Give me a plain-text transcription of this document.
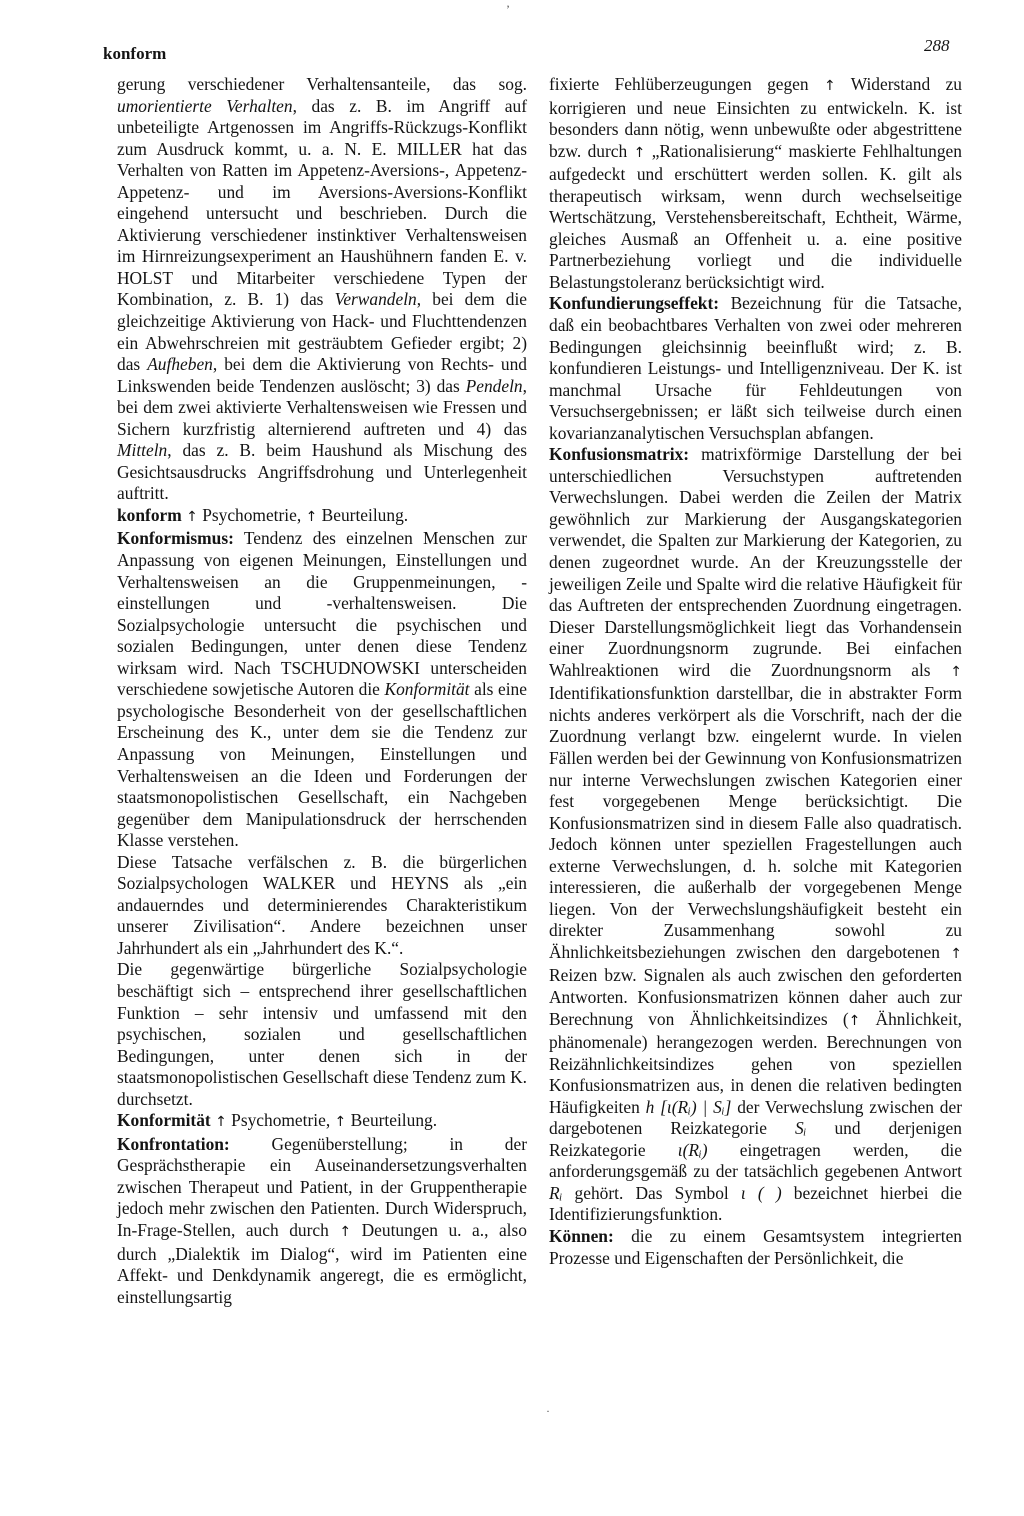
konform	288
’
·

gerung verschiedener Verhaltensanteile, das sog. umorientierte Verhalten, das z. B. im Angriff auf unbeteiligte Artgenossen im Angriffs-Rückzugs-Konflikt zum Ausdruck kommt, u. a. N. E. MILLER hat das Verhalten von Ratten im Appetenz-Aversions-, Appetenz-Appetenz- und im Aversions-Aversions-Konflikt eingehend untersucht und beschrieben. Durch die Aktivierung verschiedener instinktiver Verhaltensweisen im Hirnreizungsexperiment an Haushühnern fanden E. v. HOLST und Mitarbeiter verschiedene Typen der Kombination, z. B. 1) das Verwandeln, bei dem die gleichzeitige Aktivierung von Hack- und Fluchttendenzen ein Abwehrschreien mit gesträubtem Gefieder ergibt; 2) das Aufheben, bei dem die Aktivierung von Rechts- und Linkswenden beide Tendenzen auslöscht; 3) das Pendeln, bei dem zwei aktivierte Verhaltensweisen wie Fressen und Sichern kurzfristig alternierend auftreten und 4) das Mitteln, das z. B. beim Haushund als Mischung des Gesichtsausdrucks Angriffsdrohung und Unterlegenheit auftritt.

konform ↑ Psychometrie, ↑ Beurteilung.

Konformismus: Tendenz des einzelnen Menschen zur Anpassung von eigenen Meinungen, Einstellungen und Verhaltensweisen an die Gruppenmeinungen, -einstellungen und -verhaltensweisen. Die Sozialpsychologie untersucht die psychischen und sozialen Bedingungen, unter denen diese Tendenz wirksam wird. Nach TSCHUDNOWSKI unterscheiden verschiedene sowjetische Autoren die Konformität als eine psychologische Besonderheit von der gesellschaftlichen Erscheinung des K., unter dem sie die Tendenz zur Anpassung von Meinungen, Einstellungen und Verhaltensweisen an die Ideen und Forderungen der staatsmonopolistischen Gesellschaft, ein Nachgeben gegenüber dem Manipulationsdruck der herrschenden Klasse verstehen.

Diese Tatsache verfälschen z. B. die bürgerlichen Sozialpsychologen WALKER und HEYNS als „ein andauerndes und determinierendes Charakteristikum unserer Zivilisation“. Andere bezeichnen unser Jahrhundert als ein „Jahrhundert des K.“.

Die gegenwärtige bürgerliche Sozialpsychologie beschäftigt sich – entsprechend ihrer gesellschaftlichen Funktion – sehr intensiv und umfassend mit den psychischen, sozialen und gesellschaftlichen Bedingungen, unter denen sich in der staatsmonopolistischen Gesellschaft diese Tendenz zum K. durchsetzt.

Konformität ↑ Psychometrie, ↑ Beurteilung.

Konfrontation: Gegenüberstellung; in der Gesprächstherapie ein Auseinandersetzungsverhalten zwischen Therapeut und Patient, in der Gruppentherapie jedoch mehr zwischen den Patienten. Durch Widerspruch, In-Frage-Stellen, auch durch ↑ Deutungen u. a., also durch „Dialektik im Dialog“, wird im Patienten eine Affekt- und Denkdynamik angeregt, die es ermöglicht, einstellungsartig

fixierte Fehlüberzeugungen gegen ↑ Widerstand zu korrigieren und neue Einsichten zu entwickeln. K. ist besonders dann nötig, wenn unbewußte oder abgestrittene bzw. durch ↑ „Rationalisierung“ maskierte Fehlhaltungen aufgedeckt und erschüttert werden sollen. K. gilt als therapeutisch wirksam, wenn durch wechselseitige Wertschätzung, Verstehensbereitschaft, Echtheit, Wärme, gleiches Ausmaß an Offenheit u. a. eine positive Partnerbeziehung vorliegt und die individuelle Belastungstoleranz berücksichtigt wird.

Konfundierungseffekt: Bezeichnung für die Tatsache, daß ein beobachtbares Verhalten von zwei oder mehreren Bedingungen gleichsinnig beeinflußt wird; z. B. konfundieren Leistungs- und Intelligenzniveau. Der K. ist manchmal Ursache für Fehldeutungen von Versuchsergebnissen; er läßt sich teilweise durch einen kovarianzanalytischen Versuchsplan abfangen.

Konfusionsmatrix: matrixförmige Darstellung der bei unterschiedlichen Versuchstypen auftretenden Verwechslungen. Dabei werden die Zeilen der Matrix gewöhnlich zur Markierung der Ausgangskategorien verwendet, die Spalten zur Markierung der Kategorien, zu denen zugeordnet wurde. An der Kreuzungsstelle der jeweiligen Zeile und Spalte wird die relative Häufigkeit für das Auftreten der entsprechenden Zuordnung eingetragen. Dieser Darstellungsmöglichkeit liegt das Vorhandensein einer Zuordnungsnorm zugrunde. Bei einfachen Wahlreaktionen wird die Zuordnungsnorm als ↑ Identifikationsfunktion darstellbar, die in abstrakter Form nichts anderes verkörpert als die Vorschrift, nach der die Zuordnung verlangt bzw. eingelernt wurde. In vielen Fällen werden bei der Gewinnung von Konfusionsmatrizen nur interne Verwechslungen zwischen Kategorien einer fest vorgegebenen Menge berücksichtigt. Die Konfusionsmatrizen sind in diesem Falle also quadratisch. Jedoch können unter speziellen Fragestellungen auch externe Verwechslungen, d. h. solche mit Kategorien interessieren, die außerhalb der vorgegebenen Menge liegen. Von der Verwechslungshäufigkeit besteht ein direkter Zusammenhang sowohl zu Ähnlichkeitsbeziehungen zwischen den dargebotenen ↑ Reizen bzw. Signalen als auch zwischen den geforderten Antworten. Konfusionsmatrizen können daher auch zur Berechnung von Ähnlichkeitsindizes (↑ Ähnlichkeit, phänomenale) herangezogen werden. Berechnungen von Reizähnlichkeitsindizes gehen von speziellen Konfusionsmatrizen aus, in denen die relativen bedingten Häufigkeiten h [ι(Rᵢ) | Sᵢ] der Verwechslung zwischen der dargebotenen Reizkategorie Sᵢ und derjenigen Reizkategorie ι(Rᵢ) eingetragen werden, die anforderungsgemäß zu der tatsächlich gegebenen Antwort Rᵢ gehört. Das Symbol ι ( ) bezeichnet hierbei die Identifizierungsfunktion.

Können: die zu einem Gesamtsystem integrierten Prozesse und Eigenschaften der Persönlichkeit, die
